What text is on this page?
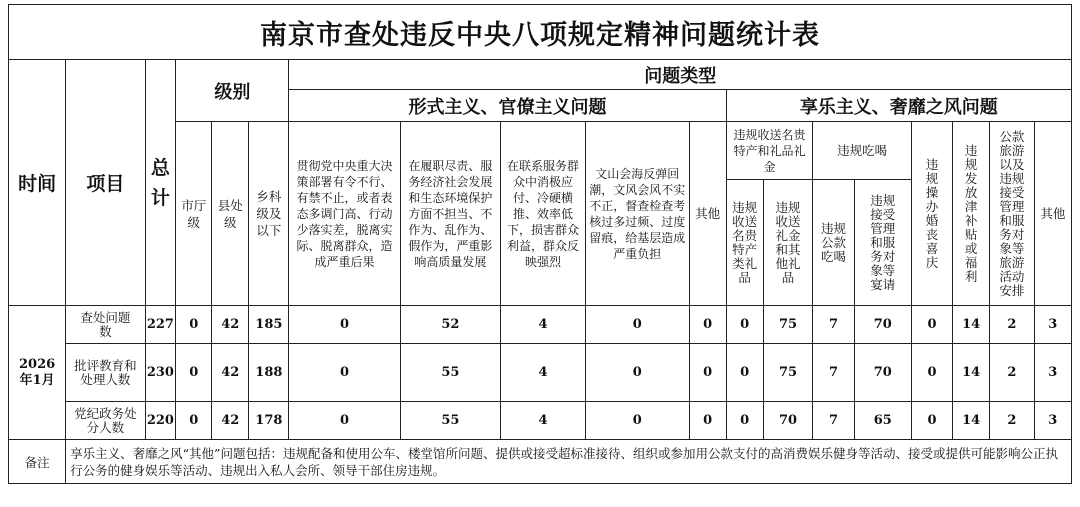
南京市查处违反中央八项规定精神问题统计表																		
时间	项目	总计	级别			问题类型												
						形式主义、官僚主义问题					享乐主义、奢靡之风问题							

			市厅级	县处级	乡科级及以下	贯彻党中央重大决策部署有令不行、有禁不止，或者表态多调门高、行动少落实差，脱离实际、脱离群众，造成严重后果	在履职尽责、服务经济社会发展和生态环境保护方面不担当、不作为、乱作为、假作为，严重影响高质量发展	在联系服务群众中消极应付、冷硬横推、效率低下，损害群众利益，群众反映强烈	文山会海反弹回潮，文风会风不实不正，督查检查考核过多过频、过度留痕，给基层造成严重负担	其他	违规收送名贵特产和礼品礼金		违规吃喝		违规操办婚丧喜庆	违规发放津补贴或福利	公款旅游以及违规接受管理和服务对象等旅游活动安排	其他

											违规收送名贵特产类礼品	违规收送礼金和其他礼品	违规公款吃喝	违规接受管理和服务对象等宴请				

2026年1月	查处问题数	227	0	42	185	0	52	4	0	0	0	75	7	70	0	14	2	3

	批评教育和处理人数	230	0	42	188	0	55	4	0	0	0	75	7	70	0	14	2	3

	党纪政务处分人数	220	0	42	178	0	55	4	0	0	0	70	7	65	0	14	2	3
备注	享乐主义、奢靡之风“其他”问题包括：违规配备和使用公车、楼堂馆所问题、提供或接受超标准接待、组织或参加用公款支付的高消费娱乐健身等活动、接受或提供可能影响公正执行公务的健身娱乐等活动、违规出入私人会所、领导干部住房违规。																	
